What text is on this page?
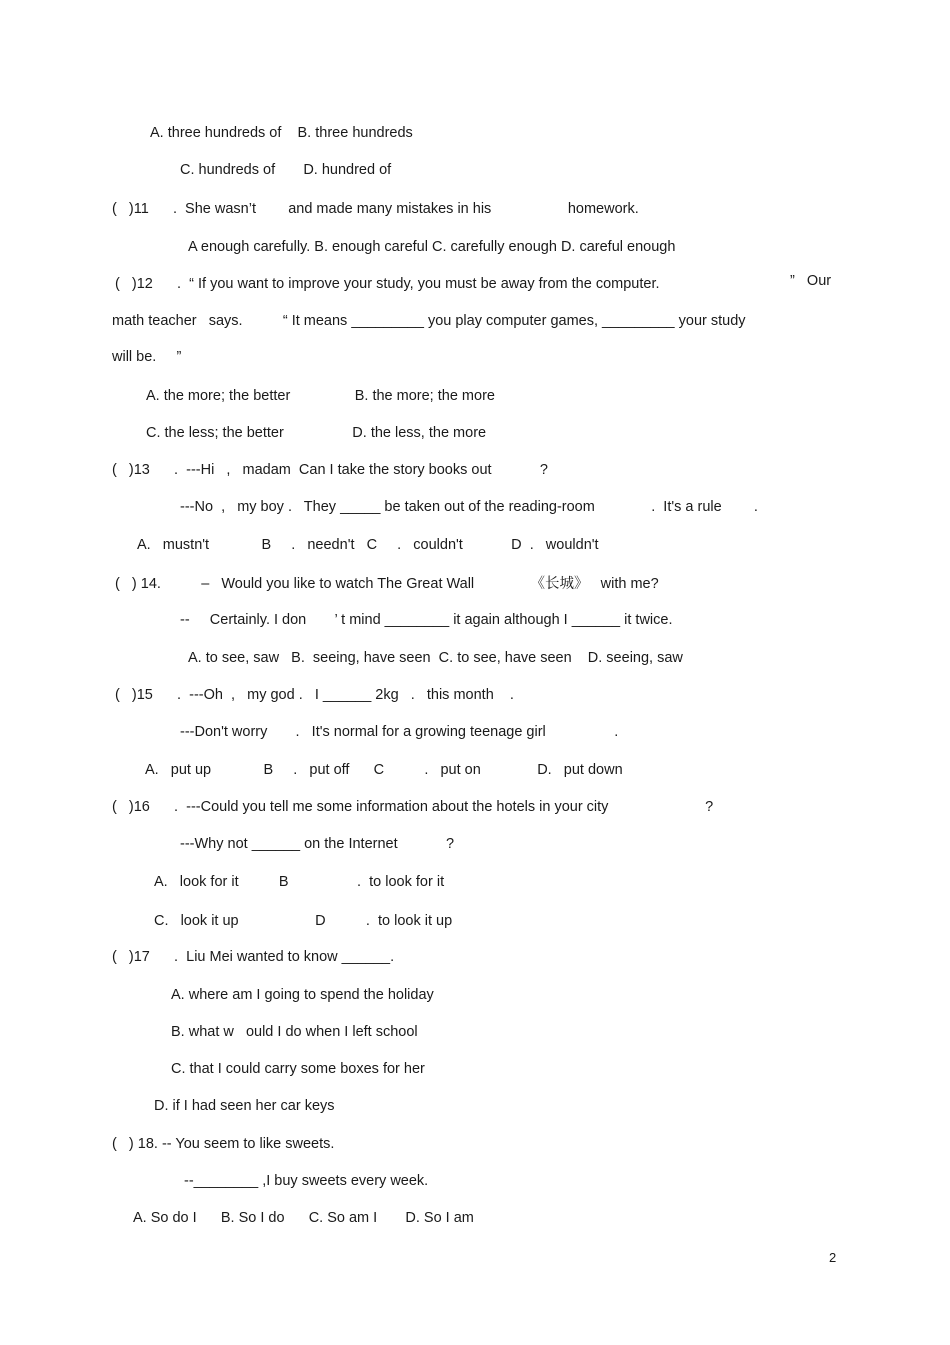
A. three hundreds of    B. three hundreds
C. hundreds of       D. hundred of
(   )11      .  She wasn’t        and made many mistakes in his                   homework.
A enough carefully. B. enough careful C. carefully enough D. careful enough
(   )12      .  “ If you want to improve your study, you must be away from the computer.	”   Our
math teacher   says.          “ It means _________ you play computer games, _________ your study
will be.     ”
A. the more; the better                B. the more; the more
C. the less; the better                 D. the less, the more
(   )13      .  ---Hi   ,   madam  Can I take the story books out            ?
---No  ,   my boy .   They _____ be taken out of the reading-room              .  It's a rule        .
A.   mustn't             B     .   needn't   C     .   couldn't            D  .   wouldn't
(   ) 14.          –   Would you like to watch The Great Wall              《长城》   with me?
--     Certainly. I don       ’ t mind ________ it again although I ______ it twice.
A. to see, saw   B.  seeing, have seen  C. to see, have seen    D. seeing, saw
(   )15      .  ---Oh  ,   my god .   I ______ 2kg   .   this month    .
---Don't worry       .   It's normal for a growing teenage girl                 .
A.   put up             B     .   put off      C          .   put on              D.   put down
(   )16      .  ---Could you tell me some information about the hotels in your city                        ?
---Why not ______ on the Internet            ?
A.   look for it          B                 .  to look for it
C.   look it up                   D          .  to look it up
(   )17      .  Liu Mei wanted to know ______.
A. where am I going to spend the holiday
B. what w   ould I do when I left school
C. that I could carry some boxes for her
D. if I had seen her car keys
(   ) 18. -- You seem to like sweets.
--________ ,I buy sweets every week.
A. So do I      B. So I do      C. So am I       D. So I am
2
